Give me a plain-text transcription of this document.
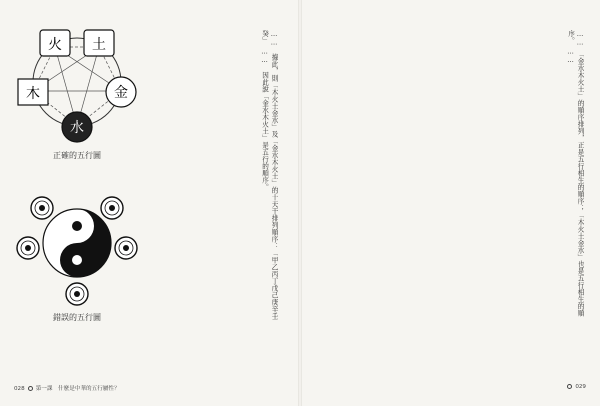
火 土
金
水
木
正確的五行圖
錯誤的五行圖	……　據此，則「木火土金水」及「金水木火土」的十天干排列順序：「甲乙丙丁戊己庚辛壬癸」　……　因此說「金水木火土」是五行的順序。
028 第一課　什麼是中華的五行屬性？
……　「金水木火土」的順序排列，正是五行相生的順序；「木火土金水」也是五行相生的順序。　……
029
